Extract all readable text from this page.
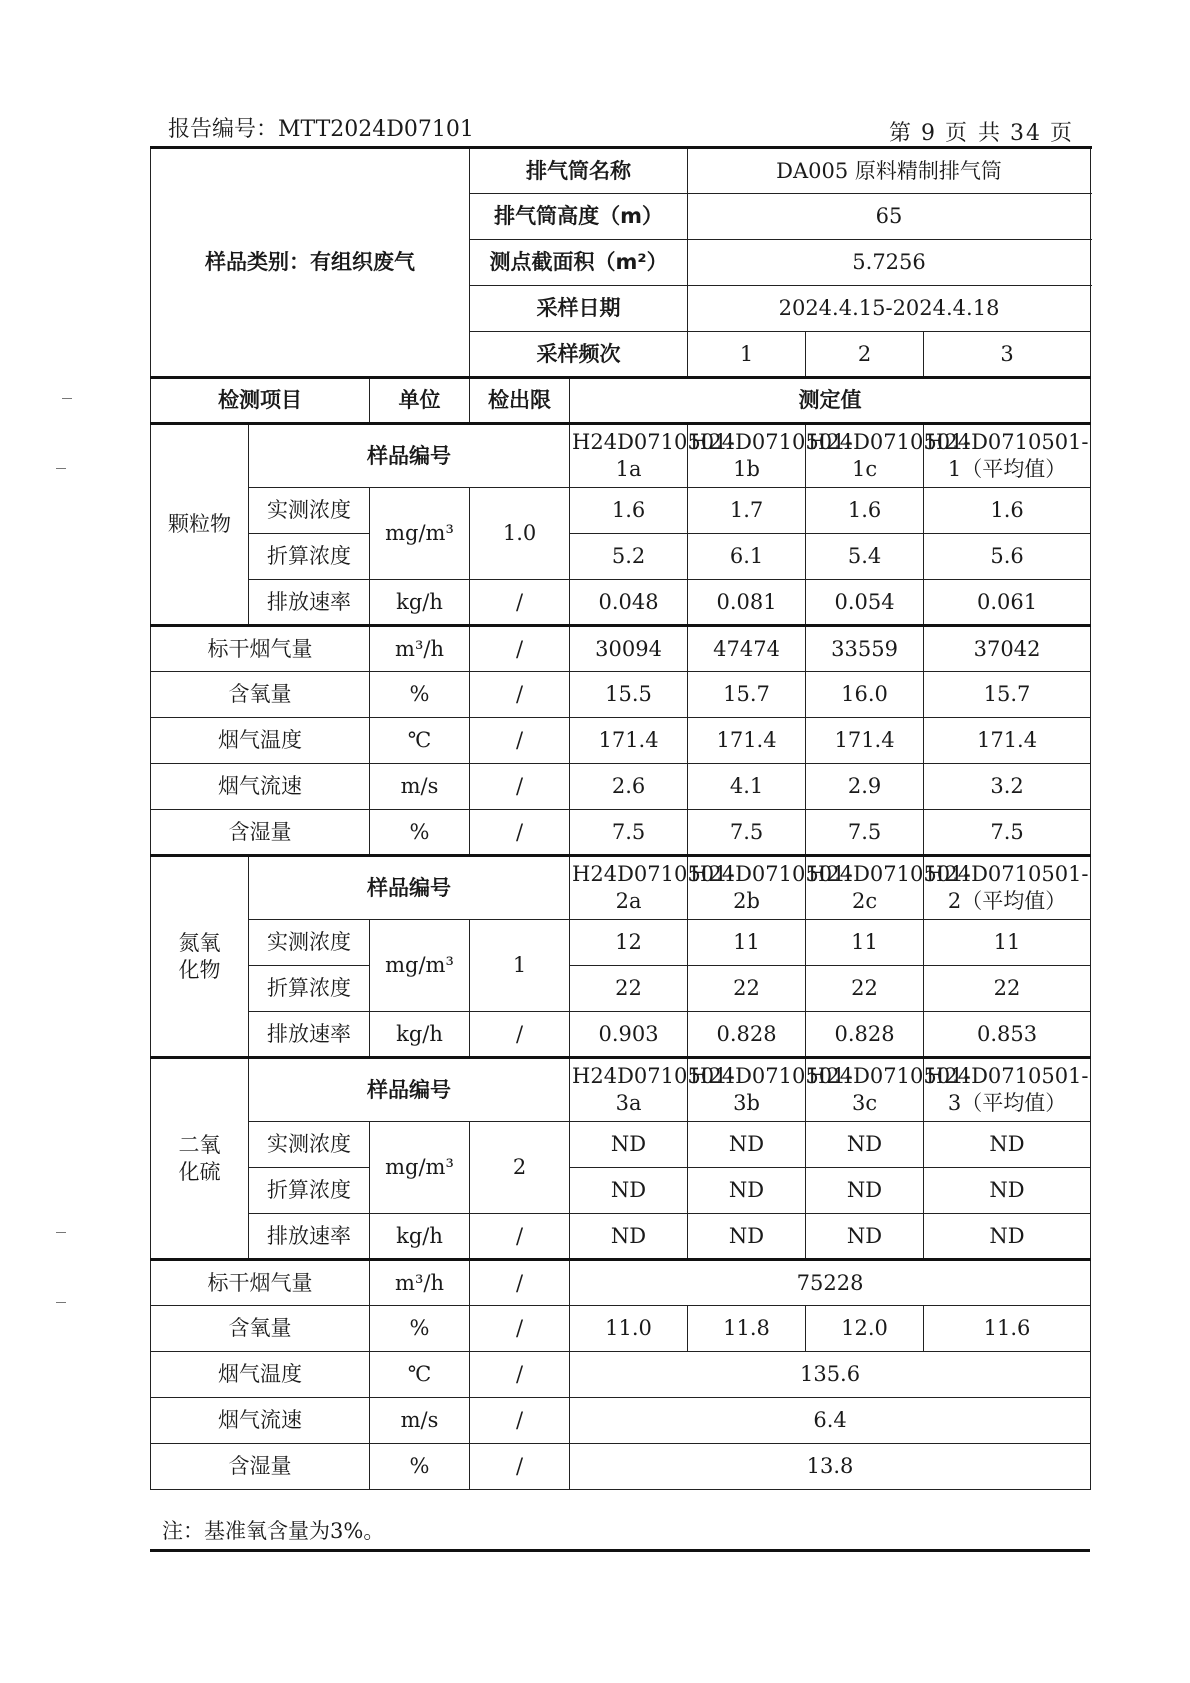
报告编号：MTT2024D07101	第 9 页 共 34 页
样品类别：有组织废气			排气筒名称		DA005 原料精制排气筒			
			排气筒高度（m）		65			
			测点截面积（m²）		5.7256			
			采样日期		2024.4.15-2024.4.18			
			采样频次		1	2	3	
检测项目		单位	检出限	测定值				
颗粒物	样品编号			H24D0710501-1a	H24D0710501-1b	H24D0710501-1c	H24D0710501-1（平均值）	
	实测浓度	mg/m³	1.0	1.6	1.7	1.6	1.6	
	折算浓度			5.2	6.1	5.4	5.6	
	排放速率	kg/h	/	0.048	0.081	0.054	0.061	
标干烟气量		m³/h	/	30094	47474	33559	37042	
含氧量		%	/	15.5	15.7	16.0	15.7	
烟气温度		℃	/	171.4	171.4	171.4	171.4	
烟气流速		m/s	/	2.6	4.1	2.9	3.2	
含湿量		%	/	7.5	7.5	7.5	7.5	
氮氧化物	样品编号			H24D0710501-2a	H24D0710501-2b	H24D0710501-2c	H24D0710501-2（平均值）	
	实测浓度	mg/m³	1	12	11	11	11	
	折算浓度			22	22	22	22	
	排放速率	kg/h	/	0.903	0.828	0.828	0.853	
二氧化硫	样品编号			H24D0710501-3a	H24D0710501-3b	H24D0710501-3c	H24D0710501-3（平均值）	
	实测浓度	mg/m³	2	ND	ND	ND	ND	
	折算浓度			ND	ND	ND	ND	
	排放速率	kg/h	/	ND	ND	ND	ND	
标干烟气量		m³/h	/	75228				
含氧量		%	/	11.0	11.8	12.0	11.6	
烟气温度		℃	/	135.6				
烟气流速		m/s	/	6.4				
含湿量		%	/	13.8				
注：基准氧含量为3%。
